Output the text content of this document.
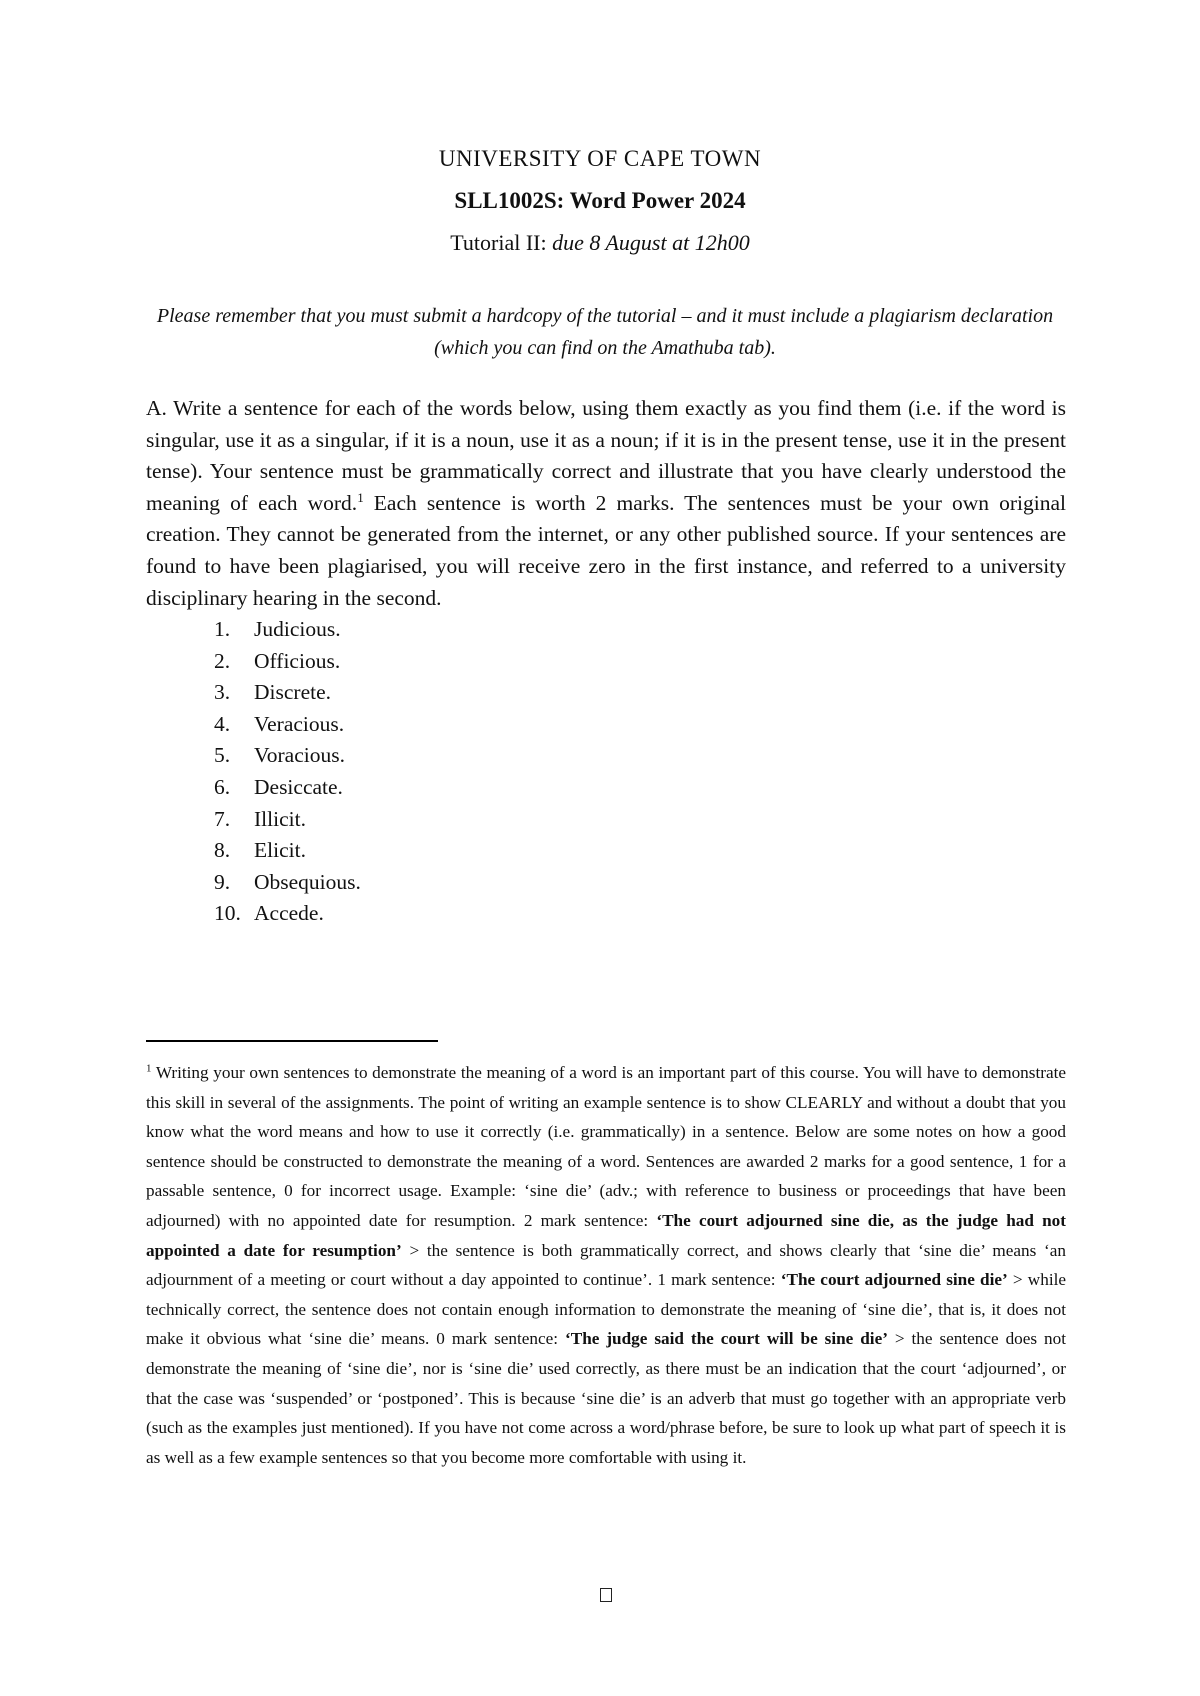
UNIVERSITY OF CAPE TOWN
SLL1002S: Word Power 2024
Tutorial II: due 8 August at 12h00
Please remember that you must submit a hardcopy of the tutorial – and it must include a plagiarism declaration (which you can find on the Amathuba tab).

A. Write a sentence for each of the words below, using them exactly as you find them (i.e. if the word is singular, use it as a singular, if it is a noun, use it as a noun; if it is in the present tense, use it in the present tense). Your sentence must be grammatically correct and illustrate that you have clearly understood the meaning of each word.$^1$ Each sentence is worth 2 marks. The sentences must be your own original creation. They cannot be generated from the internet, or any other published source. If your sentences are found to have been plagiarised, you will receive zero in the first instance, and referred to a university disciplinary hearing in the second.

1.	Judicious.
2.	Officious.
3.	Discrete.
4.	Veracious.
5.	Voracious.
6.	Desiccate.
7.	Illicit.
8.	Elicit.
9.	Obsequious.
10. Accede.

$^1$ Writing your own sentences to demonstrate the meaning of a word is an important part of this course. You will have to demonstrate this skill in several of the assignments. The point of writing an example sentence is to show CLEARLY and without a doubt that you know what the word means and how to use it correctly (i.e. grammatically) in a sentence. Below are some notes on how a good sentence should be constructed to demonstrate the meaning of a word. Sentences are awarded 2 marks for a good sentence, 1 for a passable sentence, 0 for incorrect usage. Example: ‘sine die’ (adv.; with reference to business or proceedings that have been adjourned) with no appointed date for resumption. 2 mark sentence: ‘The court adjourned sine die, as the judge had not appointed a date for resumption’ > the sentence is both grammatically correct, and shows clearly that ‘sine die’ means ‘an adjournment of a meeting or court without a day appointed to continue’. 1 mark sentence: ‘The court adjourned sine die’ > while technically correct, the sentence does not contain enough information to demonstrate the meaning of ‘sine die’, that is, it does not make it obvious what ‘sine die’ means. 0 mark sentence: ‘The judge said the court will be sine die’ > the sentence does not demonstrate the meaning of ‘sine die’, nor is ‘sine die’ used correctly, as there must be an indication that the court ‘adjourned’, or that the case was ‘suspended’ or ‘postponed’. This is because ‘sine die’ is an adverb that must go together with an appropriate verb (such as the examples just mentioned). If you have not come across a word/phrase before, be sure to look up what part of speech it is as well as a few example sentences so that you become more comfortable with using it.
